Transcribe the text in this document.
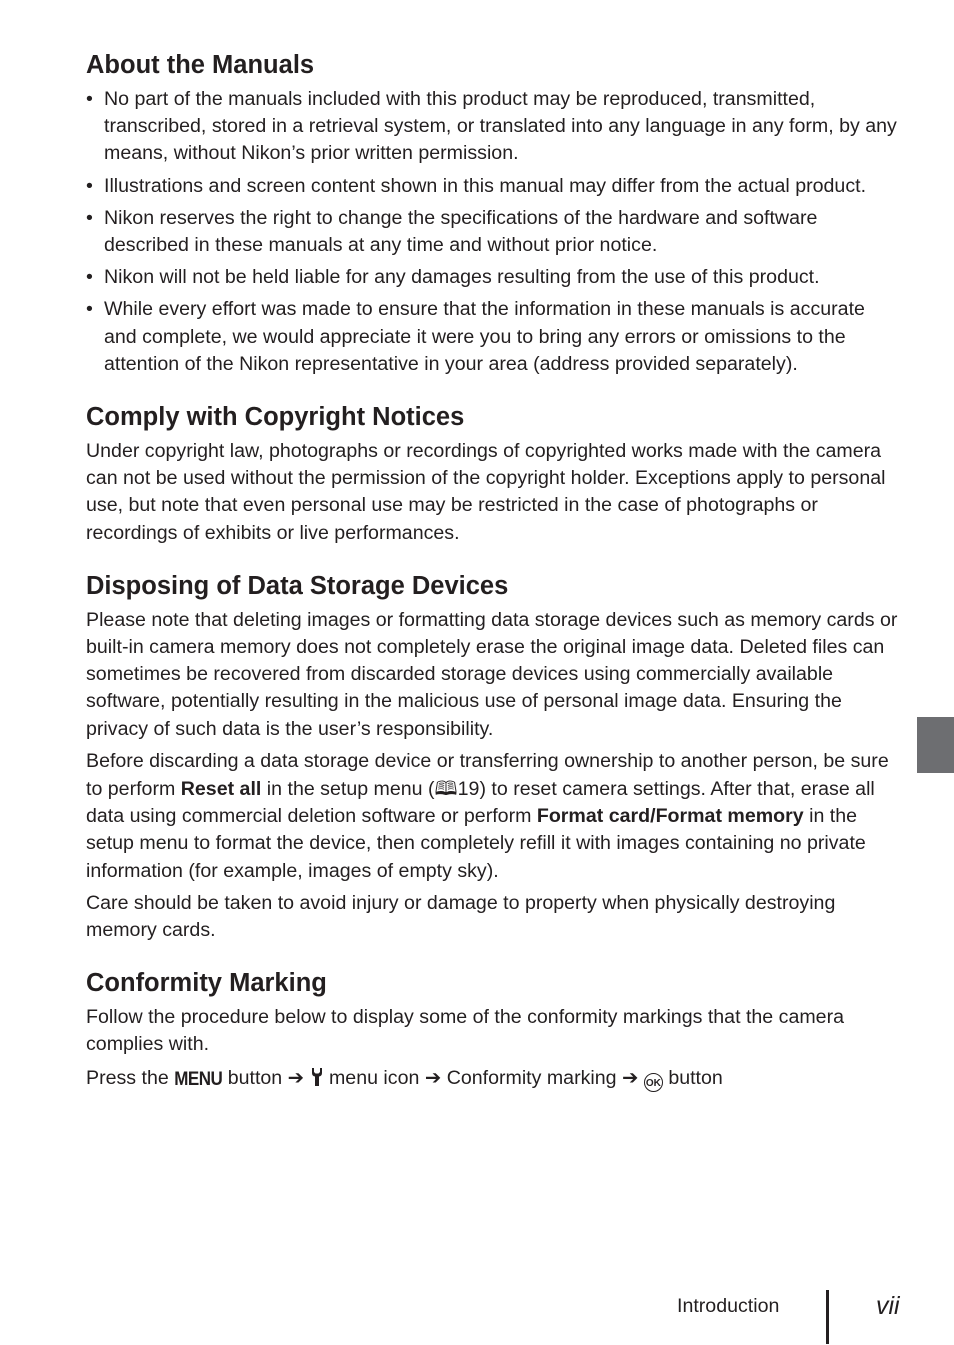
About the Manuals
• No part of the manuals included with this product may be reproduced, transmitted, transcribed, stored in a retrieval system, or translated into any language in any form, by any means, without Nikon’s prior written permission.
• Illustrations and screen content shown in this manual may differ from the actual product.
• Nikon reserves the right to change the specifications of the hardware and software described in these manuals at any time and without prior notice.
• Nikon will not be held liable for any damages resulting from the use of this product.
• While every effort was made to ensure that the information in these manuals is accurate and complete, we would appreciate it were you to bring any errors or omissions to the attention of the Nikon representative in your area (address provided separately).
Comply with Copyright Notices

Under copyright law, photographs or recordings of copyrighted works made with the camera can not be used without the permission of the copyright holder. Exceptions apply to personal use, but note that even personal use may be restricted in the case of photographs or recordings of exhibits or live performances.

Disposing of Data Storage Devices

Please note that deleting images or formatting data storage devices such as memory cards or built-in camera memory does not completely erase the original image data. Deleted files can sometimes be recovered from discarded storage devices using commercially available software, potentially resulting in the malicious use of personal image data. Ensuring the privacy of such data is the user’s responsibility.

Before discarding a data storage device or transferring ownership to another person, be sure to perform Reset all in the setup menu (🕮19) to reset camera settings. After that, erase all data using commercial deletion software or perform Format card/Format memory in the setup menu to format the device, then completely refill it with images containing no private information (for example, images of empty sky).

Care should be taken to avoid injury or damage to property when physically destroying memory cards.

Conformity Marking

Follow the procedure below to display some of the conformity markings that the camera complies with.

Press the MENU button ➔  menu icon ➔ Conformity marking ➔ OK button

Introduction	vii
